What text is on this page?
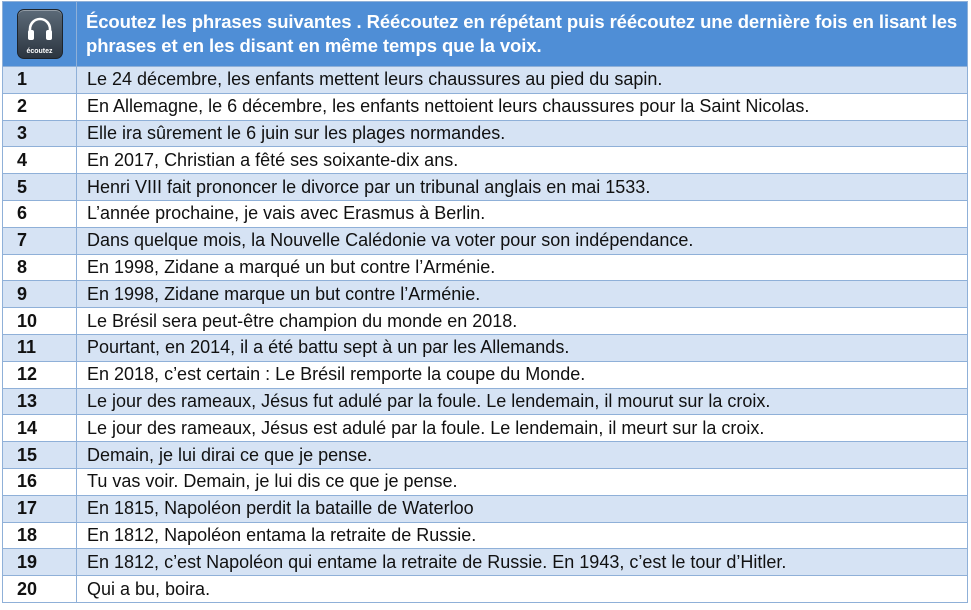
écoutez	Écoutez les phrases suivantes . Réécoutez en répétant puis réécoutez une dernière fois en lisant les phrases et en les disant en même temps que la voix.
1	Le 24 décembre, les enfants mettent leurs chaussures au pied du sapin.
2	En Allemagne, le 6 décembre, les enfants nettoient leurs chaussures pour la Saint Nicolas.
3	Elle ira sûrement le 6 juin sur les plages normandes.
4	En 2017, Christian a fêté ses soixante-dix ans.
5	Henri VIII fait prononcer le divorce par un tribunal anglais en mai 1533.
6	L’année prochaine, je vais avec Erasmus à Berlin.
7	Dans quelque mois, la Nouvelle Calédonie va voter pour son indépendance.
8	En 1998, Zidane a marqué un but contre l’Arménie.
9	En 1998, Zidane marque un but contre l’Arménie.
10	Le Brésil sera peut-être champion du monde en 2018.
11	Pourtant, en 2014, il a été battu sept à un par les Allemands.
12	En 2018, c’est certain : Le Brésil remporte la coupe du Monde.
13	Le jour des rameaux, Jésus fut adulé par la foule. Le lendemain, il mourut sur la croix.
14	Le jour des rameaux, Jésus est adulé par la foule. Le lendemain, il meurt sur la croix.
15	Demain, je lui dirai ce que je pense.
16	Tu vas voir. Demain, je lui dis ce que je pense.
17	En 1815, Napoléon perdit la bataille de Waterloo
18	En 1812, Napoléon entama la retraite de Russie.
19	En 1812, c’est Napoléon qui entame la retraite de Russie. En 1943, c’est le tour d’Hitler.
20	Qui a bu, boira.
